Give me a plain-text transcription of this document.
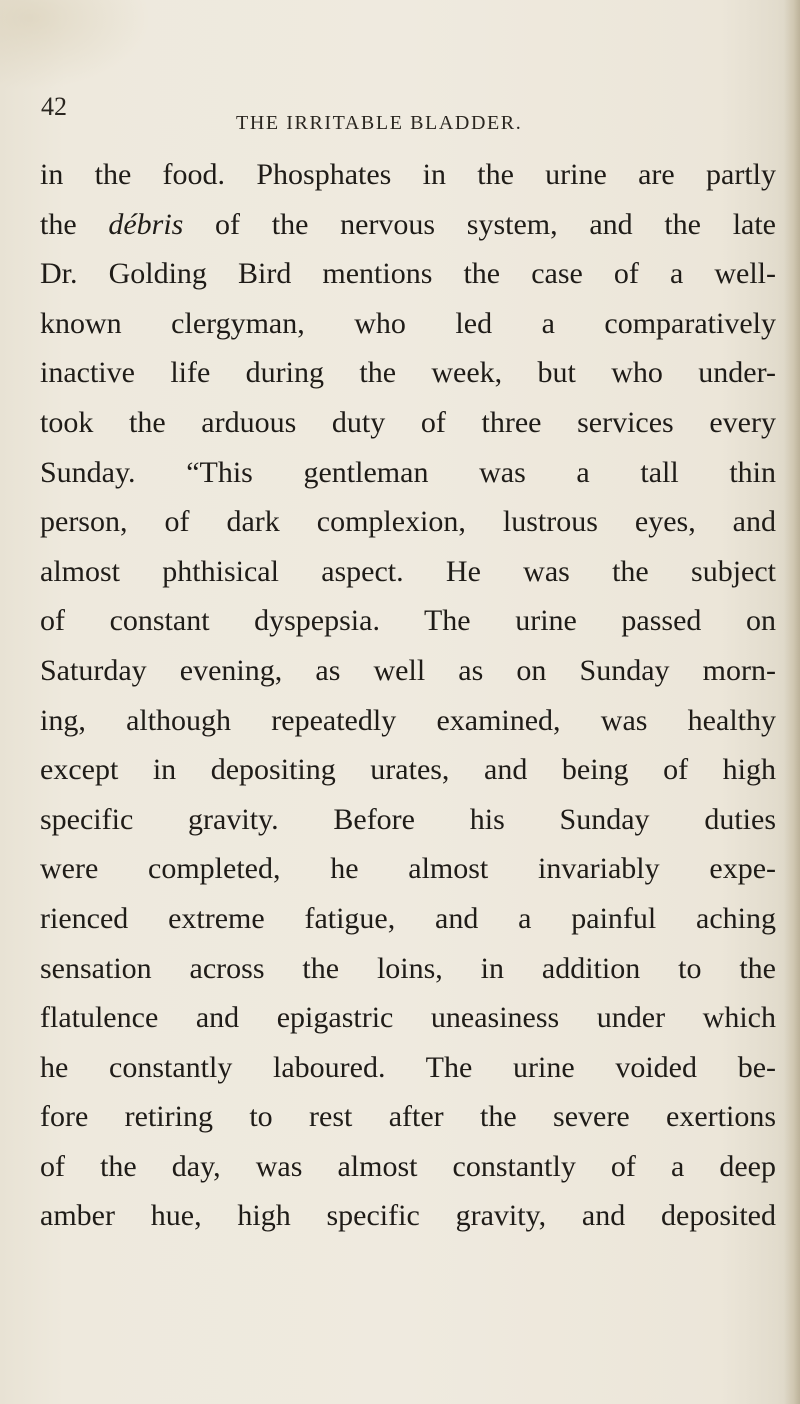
42
THE IRRITABLE BLADDER.
in the food. Phosphates in the urine are partly
the débris of the nervous system, and the late
Dr. Golding Bird mentions the case of a well-
known clergyman, who led a comparatively
inactive life during the week, but who under-
took the arduous duty of three services every
Sunday. “This gentleman was a tall thin
person, of dark complexion, lustrous eyes, and
almost phthisical aspect. He was the subject
of constant dyspepsia. The urine passed on
Saturday evening, as well as on Sunday morn-
ing, although repeatedly examined, was healthy
except in depositing urates, and being of high
specific gravity. Before his Sunday duties
were completed, he almost invariably expe-
rienced extreme fatigue, and a painful aching
sensation across the loins, in addition to the
flatulence and epigastric uneasiness under which
he constantly laboured. The urine voided be-
fore retiring to rest after the severe exertions
of the day, was almost constantly of a deep
amber hue, high specific gravity, and deposited
